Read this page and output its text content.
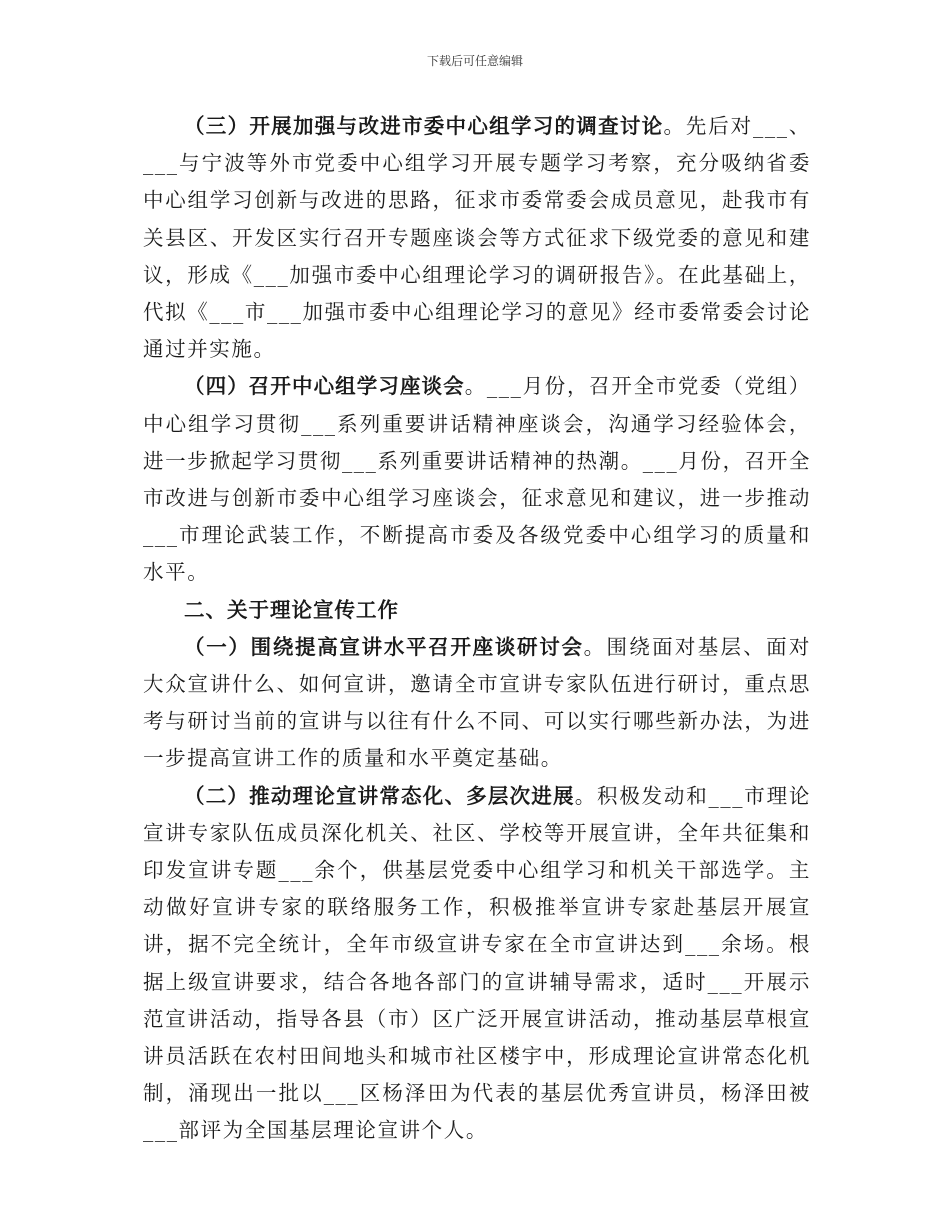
下载后可任意编辑

（三）开展加强与改进市委中心组学习的调查讨论。先后对___、___与宁波等外市党委中心组学习开展专题学习考察，充分吸纳省委中心组学习创新与改进的思路，征求市委常委会成员意见，赴我市有关县区、开发区实行召开专题座谈会等方式征求下级党委的意见和建议，形成《___加强市委中心组理论学习的调研报告》。在此基础上，代拟《___市___加强市委中心组理论学习的意见》经市委常委会讨论通过并实施。

（四）召开中心组学习座谈会。___月份，召开全市党委（党组）中心组学习贯彻___系列重要讲话精神座谈会，沟通学习经验体会，进一步掀起学习贯彻___系列重要讲话精神的热潮。___月份，召开全市改进与创新市委中心组学习座谈会，征求意见和建议，进一步推动___市理论武装工作，不断提高市委及各级党委中心组学习的质量和水平。

二、关于理论宣传工作

（一）围绕提高宣讲水平召开座谈研讨会。围绕面对基层、面对大众宣讲什么、如何宣讲，邀请全市宣讲专家队伍进行研讨，重点思考与研讨当前的宣讲与以往有什么不同、可以实行哪些新办法，为进一步提高宣讲工作的质量和水平奠定基础。

（二）推动理论宣讲常态化、多层次进展。积极发动和___市理论宣讲专家队伍成员深化机关、社区、学校等开展宣讲，全年共征集和印发宣讲专题___余个，供基层党委中心组学习和机关干部选学。主动做好宣讲专家的联络服务工作，积极推举宣讲专家赴基层开展宣讲，据不完全统计，全年市级宣讲专家在全市宣讲达到___余场。根据上级宣讲要求，结合各地各部门的宣讲辅导需求，适时___开展示范宣讲活动，指导各县（市）区广泛开展宣讲活动，推动基层草根宣讲员活跃在农村田间地头和城市社区楼宇中，形成理论宣讲常态化机制，涌现出一批以___区杨泽田为代表的基层优秀宣讲员，杨泽田被___部评为全国基层理论宣讲个人。
